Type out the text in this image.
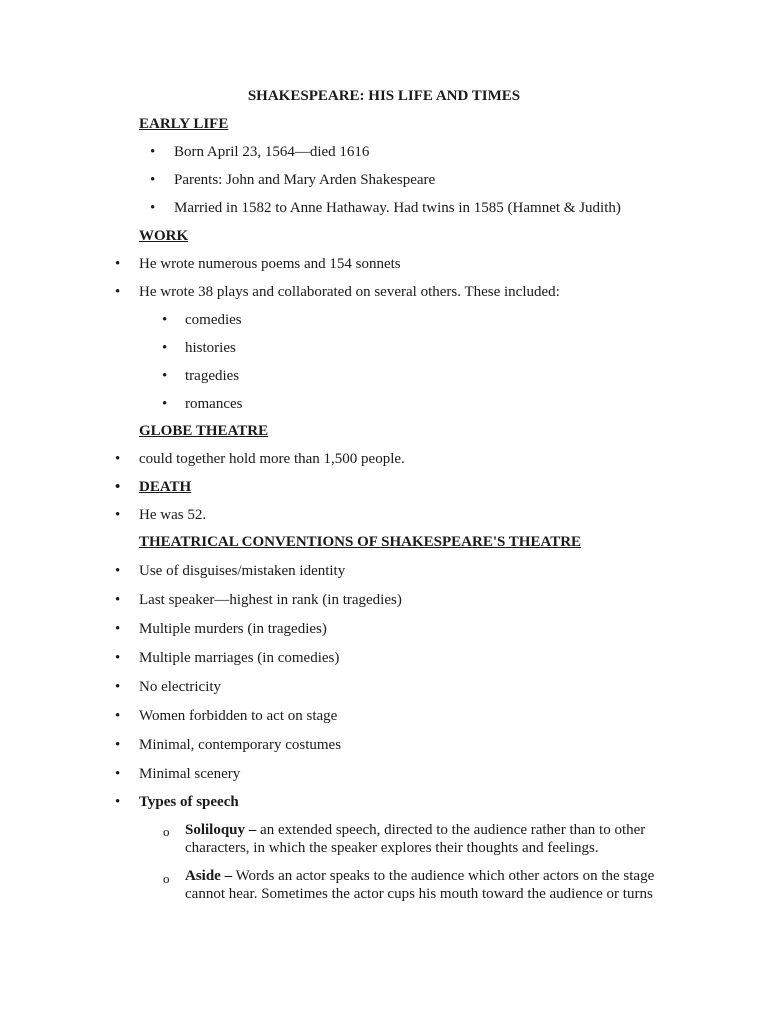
SHAKESPEARE: HIS LIFE AND TIMES
EARLY LIFE
• Born April 23, 1564—died 1616
• Parents: John and Mary Arden Shakespeare
• Married in 1582 to Anne Hathaway. Had twins in 1585 (Hamnet & Judith)
WORK
• He wrote numerous poems and 154 sonnets
• He wrote 38 plays and collaborated on several others. These included:
• comedies
• histories
• tragedies
• romances
GLOBE THEATRE
• could together hold more than 1,500 people.
• DEATH
• He was 52.
THEATRICAL CONVENTIONS OF SHAKESPEARE'S THEATRE
• Use of disguises/mistaken identity
• Last speaker—highest in rank (in tragedies)
• Multiple murders (in tragedies)
• Multiple marriages (in comedies)
• No electricity
• Women forbidden to act on stage
• Minimal, contemporary costumes
• Minimal scenery
• Types of speech
o Soliloquy – an extended speech, directed to the audience rather than to other characters, in which the speaker explores their thoughts and feelings.
o Aside – Words an actor speaks to the audience which other actors on the stage cannot hear. Sometimes the actor cups his mouth toward the audience or turns
